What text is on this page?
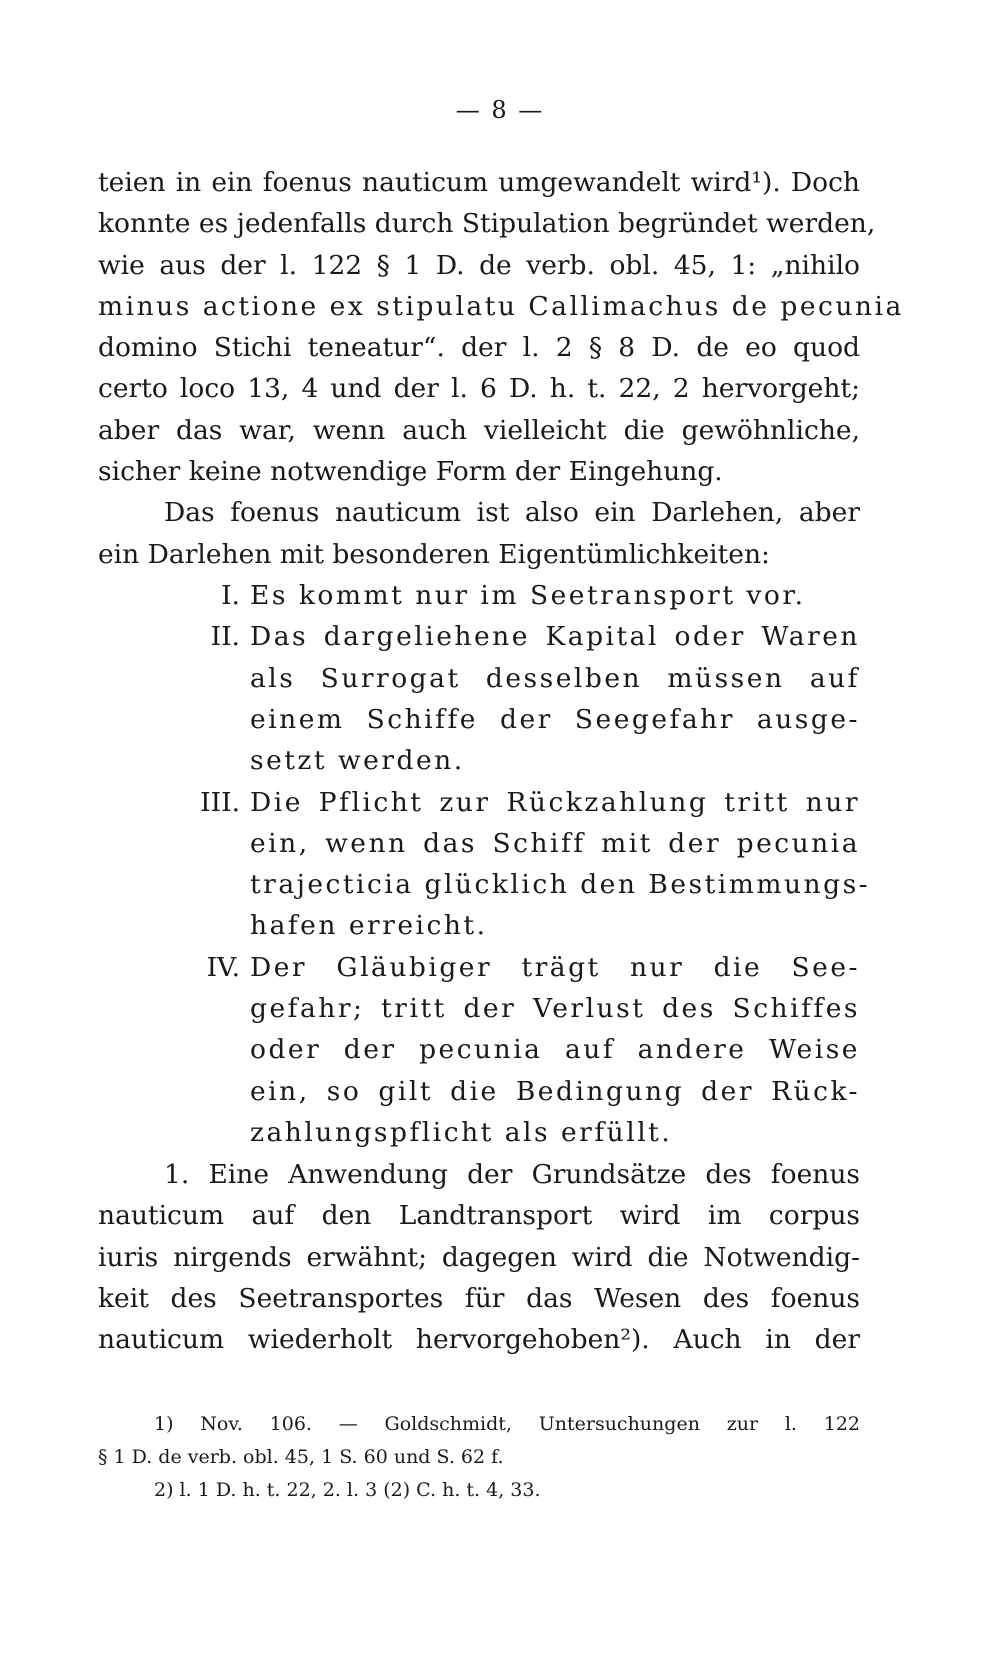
— 8 —
teien in ein foenus nauticum umgewandelt wird¹). Doch
konnte es jedenfalls durch Stipulation begründet werden,
wie aus der l. 122 § 1 D. de verb. obl. 45, 1: „nihilo
minus actione ex stipulatu Callimachus de pecunia
domino Stichi teneatur“. der l. 2 § 8 D. de eo quod
certo loco 13, 4 und der l. 6 D. h. t. 22, 2 hervorgeht;
aber das war, wenn auch vielleicht die gewöhnliche,
sicher keine notwendige Form der Eingehung.
Das foenus nauticum ist also ein Darlehen, aber
ein Darlehen mit besonderen Eigentümlichkeiten:
I. Es kommt nur im Seetransport vor.
II. Das dargeliehene Kapital oder Waren
als Surrogat desselben müssen auf
einem Schiffe der Seegefahr ausge-
setzt werden.
III. Die Pflicht zur Rückzahlung tritt nur
ein, wenn das Schiff mit der pecunia
trajecticia glücklich den Bestimmungs-
hafen erreicht.
IV. Der Gläubiger trägt nur die See-
gefahr; tritt der Verlust des Schiffes
oder der pecunia auf andere Weise
ein, so gilt die Bedingung der Rück-
zahlungspflicht als erfüllt.
1. Eine Anwendung der Grundsätze des foenus
nauticum auf den Landtransport wird im corpus
iuris nirgends erwähnt; dagegen wird die Notwendig-
keit des Seetransportes für das Wesen des foenus
nauticum wiederholt hervorgehoben²). Auch in der
1) Nov. 106. — Goldschmidt, Untersuchungen zur l. 122
§ 1 D. de verb. obl. 45, 1 S. 60 und S. 62 f.
2) l. 1 D. h. t. 22, 2. l. 3 (2) C. h. t. 4, 33.
